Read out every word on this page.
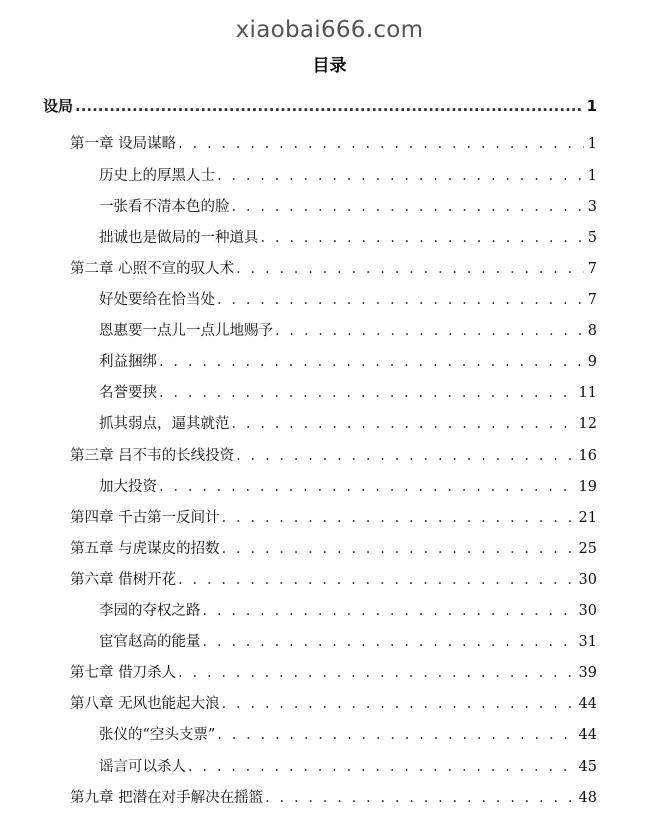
xiaobai666.com
目录
设局 .....	1
第一章 设局谋略 . . .	1
历史上的厚黑人士 . . .	1
一张看不清本色的脸 . . .	3
拙诚也是做局的一种道具 . . .	5
第二章 心照不宣的驭人术 . . .	7
好处要给在恰当处 . . .	7
恩惠要一点儿一点儿地赐予 . . .	8
利益捆绑 . . .	9
名誉要挟 . . .	11
抓其弱点，逼其就范 . . .	12
第三章 吕不韦的长线投资 . . .	16
加大投资 . . .	19
第四章 千古第一反间计 . . .	21
第五章 与虎谋皮的招数 . . .	25
第六章 借树开花 . . .	30
李园的夺权之路 . . .	30
宦官赵高的能量 . . .	31
第七章 借刀杀人 . . .	39
第八章 无风也能起大浪 . . .	44
张仪的“空头支票” . . .	44
谣言可以杀人 . . .	45
第九章 把潜在对手解决在摇篮 . . .	48
